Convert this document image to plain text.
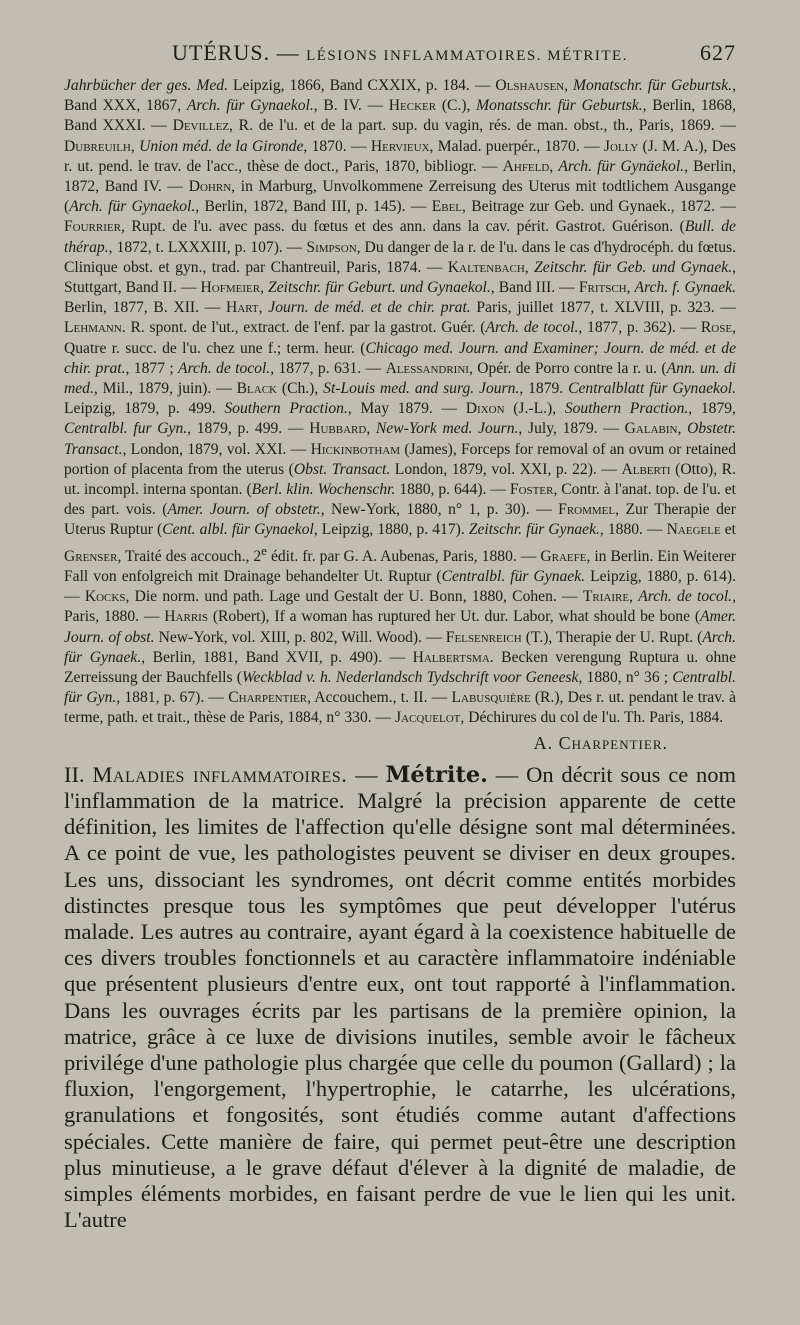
UTÉRUS. — LÉSIONS INFLAMMATOIRES. MÉTRITE.	627

Jahrbücher der ges. Med. Leipzig, 1866, Band CXXIX, p. 184. — Olshausen, Monatschr. für Geburtsk., Band XXX, 1867, Arch. für Gynaekol., B. IV. — Hecker (C.), Monatsschr. für Geburtsk., Berlin, 1868, Band XXXI. — Devillez, R. de l'u. et de la part. sup. du vagin, rés. de man. obst., th., Paris, 1869. — Dubreuilh, Union méd. de la Gironde, 1870. — Hervieux, Malad. puerpér., 1870. — Jolly (J. M. A.), Des r. ut. pend. le trav. de l'acc., thèse de doct., Paris, 1870, bibliogr. — Ahfeld, Arch. für Gynäekol., Berlin, 1872, Band IV. — Dohrn, in Marburg, Unvolkommene Zerreisung des Uterus mit todtlichem Ausgange (Arch. für Gynaekol., Berlin, 1872, Band III, p. 145). — Ebel, Beitrage zur Geb. und Gynaek., 1872. — Fourrier, Rupt. de l'u. avec pass. du fœtus et des ann. dans la cav. périt. Gastrot. Guérison. (Bull. de thérap., 1872, t. LXXXIII, p. 107). — Simpson, Du danger de la r. de l'u. dans le cas d'hydrocéph. du fœtus. Clinique obst. et gyn., trad. par Chantreuil, Paris, 1874. — Kaltenbach, Zeitschr. für Geb. und Gynaek., Stuttgart, Band II. — Hofmeier, Zeitschr. für Geburt. und Gynaekol., Band III. — Fritsch, Arch. f. Gynaek. Berlin, 1877, B. XII. — Hart, Journ. de méd. et de chir. prat. Paris, juillet 1877, t. XLVIII, p. 323. — Lehmann. R. spont. de l'ut., extract. de l'enf. par la gastrot. Guér. (Arch. de tocol., 1877, p. 362). — Rose, Quatre r. succ. de l'u. chez une f.; term. heur. (Chicago med. Journ. and Examiner; Journ. de méd. et de chir. prat., 1877 ; Arch. de tocol., 1877, p. 631. — Alessandrini, Opér. de Porro contre la r. u. (Ann. un. di med., Mil., 1879, juin). — Black (Ch.), St-Louis med. and surg. Journ., 1879. Centralblatt für Gynaekol. Leipzig, 1879, p. 499. Southern Praction., May 1879. — Dixon (J.-L.), Southern Praction., 1879, Centralbl. fur Gyn., 1879, p. 499. — Hubbard, New-York med. Journ., July, 1879. — Galabin, Obstetr. Transact., London, 1879, vol. XXI. — Hickinbotham (James), Forceps for removal of an ovum or retained portion of placenta from the uterus (Obst. Transact. London, 1879, vol. XXI, p. 22). — Alberti (Otto), R. ut. incompl. interna spontan. (Berl. klin. Wochenschr. 1880, p. 644). — Foster, Contr. à l'anat. top. de l'u. et des part. vois. (Amer. Journ. of obstetr., New-York, 1880, n° 1, p. 30). — Frommel, Zur Therapie der Uterus Ruptur (Cent. albl. für Gynaekol, Leipzig, 1880, p. 417). Zeitschr. für Gynaek., 1880. — Naegele et Grenser, Traité des accouch., 2e édit. fr. par G. A. Aubenas, Paris, 1880. — Graefe, in Berlin. Ein Weiterer Fall von enfolgreich mit Drainage behandelter Ut. Ruptur (Centralbl. für Gynaek. Leipzig, 1880, p. 614). — Kocks, Die norm. und path. Lage und Gestalt der U. Bonn, 1880, Cohen. — Triaire, Arch. de tocol., Paris, 1880. — Harris (Robert), If a woman has ruptured her Ut. dur. Labor, what should be bone (Amer. Journ. of obst. New-York, vol. XIII, p. 802, Will. Wood). — Felsenreich (T.), Therapie der U. Rupt. (Arch. für Gynaek., Berlin, 1881, Band XVII, p. 490). — Halbertsma. Becken verengung Ruptura u. ohne Zerreissung der Bauchfells (Weckblad v. h. Nederlandsch Tydschrift voor Geneesk, 1880, n° 36 ; Centralbl. für Gyn., 1881, p. 67). — Charpentier, Accouchem., t. II. — Labusquière (R.), Des r. ut. pendant le trav. à terme, path. et trait., thèse de Paris, 1884, n° 330. — Jacquelot, Déchirures du col de l'u. Th. Paris, 1884.

A. Charpentier.

II. Maladies inflammatoires. — Métrite. — On décrit sous ce nom l'inflammation de la matrice. Malgré la précision apparente de cette définition, les limites de l'affection qu'elle désigne sont mal déterminées. A ce point de vue, les pathologistes peuvent se diviser en deux groupes. Les uns, dissociant les syndromes, ont décrit comme entités morbides distinctes presque tous les symptômes que peut développer l'utérus malade. Les autres au contraire, ayant égard à la coexistence habituelle de ces divers troubles fonctionnels et au caractère inflammatoire indéniable que présentent plusieurs d'entre eux, ont tout rapporté à l'inflammation. Dans les ouvrages écrits par les partisans de la première opinion, la matrice, grâce à ce luxe de divisions inutiles, semble avoir le fâcheux privilége d'une pathologie plus chargée que celle du poumon (Gallard) ; la fluxion, l'engorgement, l'hypertrophie, le catarrhe, les ulcérations, granulations et fongosités, sont étudiés comme autant d'affections spéciales. Cette manière de faire, qui permet peut-être une description plus minutieuse, a le grave défaut d'élever à la dignité de maladie, de simples éléments morbides, en faisant perdre de vue le lien qui les unit. L'autre
